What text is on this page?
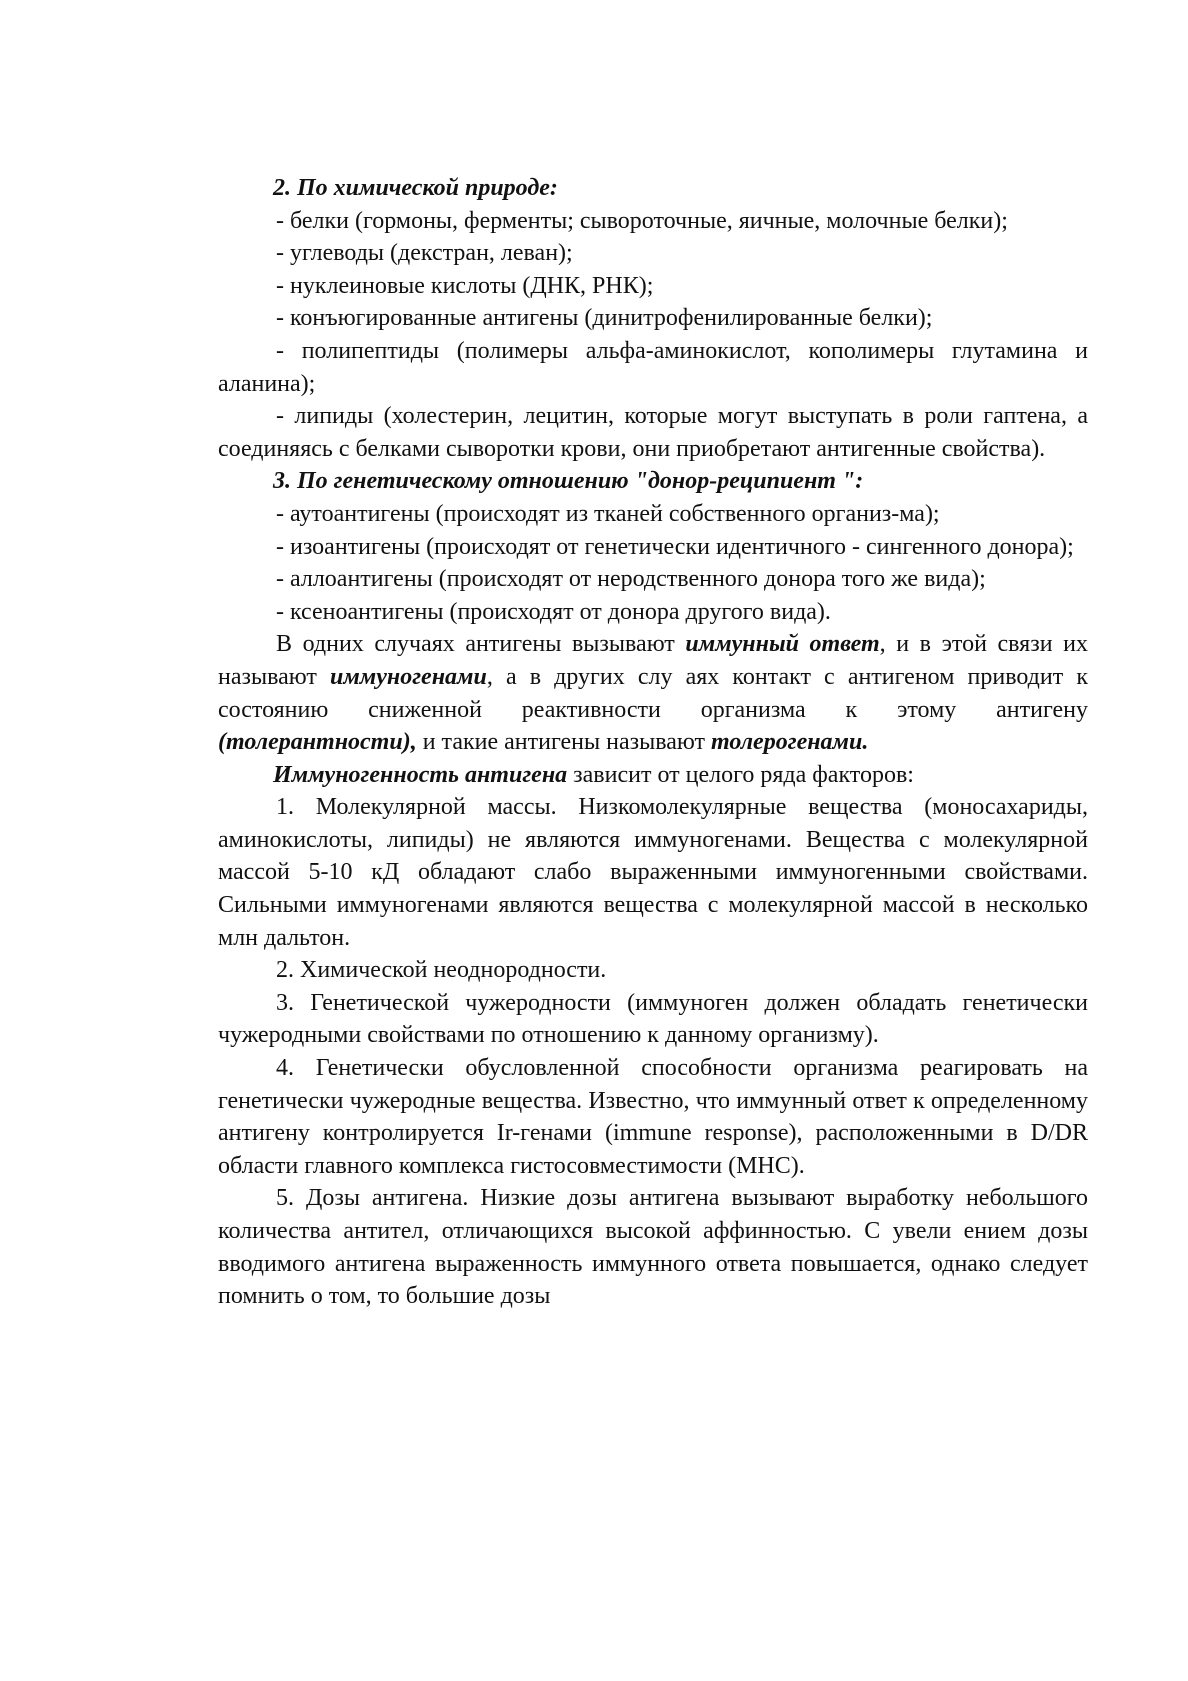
2. По химической природе:

- белки (гормоны, ферменты; сывороточные, яичные, молочные белки);

- углеводы (декстран, леван);

- нуклеиновые кислоты (ДНК, РНК);

- конъюгированные антигены (динитрофенилированные белки);

- полипептиды (полимеры альфа-аминокислот, кополимеры глутамина и аланина);

- липиды (холестерин, лецитин, которые могут выступать в роли гаптена, а соединяясь с белками сыворотки крови, они приобретают антигенные свойства).

3. По генетическому отношению "донор-реципиент ":

- аутоантигены (происходят из тканей собственного организ-ма);

- изоантигены (происходят от генетически идентичного - сингенного донора);

- аллоантигены (происходят от неродственного донора того же вида);

- ксеноантигены (происходят от донора другого вида).

В одних случаях антигены вызывают иммунный ответ, и в этой связи их называют иммуногенами, а в других слу аях контакт с антигеном приводит к состоянию сниженной реактивности организма к этому антигену (толерантности), и такие антигены называют толерогенами.

Иммуногенность антигена зависит от целого ряда факторов:

1. Молекулярной массы. Низкомолекулярные вещества (моносахариды, аминокислоты, липиды) не являются иммуногенами. Вещества с молекулярной массой 5-10 кД обладают слабо выраженными иммуногенными свойствами. Сильными иммуногенами являются вещества с молекулярной массой в несколько млн дальтон.

2. Химической неоднородности.

3. Генетической чужеродности (иммуноген должен обладать генетически чужеродными свойствами по отношению к данному организму).

4. Генетически обусловленной способности организма реагировать на генетически чужеродные вещества. Известно, что иммунный ответ к определенному антигену контролируется Ir-генами (immune response), расположенными в D/DR области главного комплекса гистосовместимости (MHC).

5. Дозы антигена. Низкие дозы антигена вызывают выработку небольшого количества антител, отличающихся высокой аффинностью. С увели ением дозы вводимого антигена выраженность иммунного ответа повышается, однако следует помнить о том, то большие дозы
